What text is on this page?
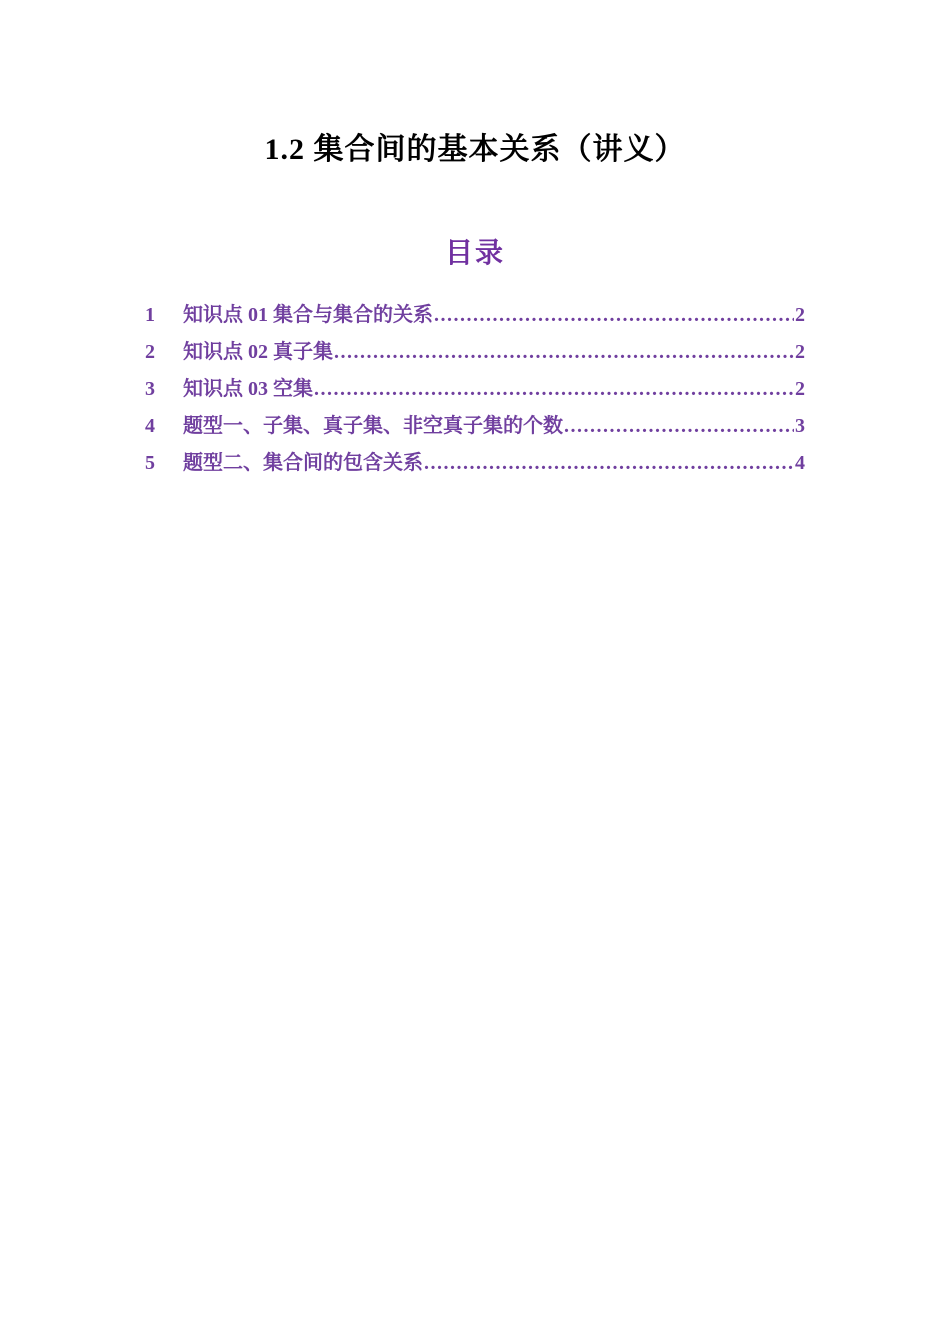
1.2 集合间的基本关系（讲义）
目录
1	知识点 01 集合与集合的关系 .....	2
2	知识点 02 真子集 .....	2
3	知识点 03 空集 .....	2
4	题型一、子集、真子集、非空真子集的个数 .....	3
5	题型二、集合间的包含关系 .....	4
